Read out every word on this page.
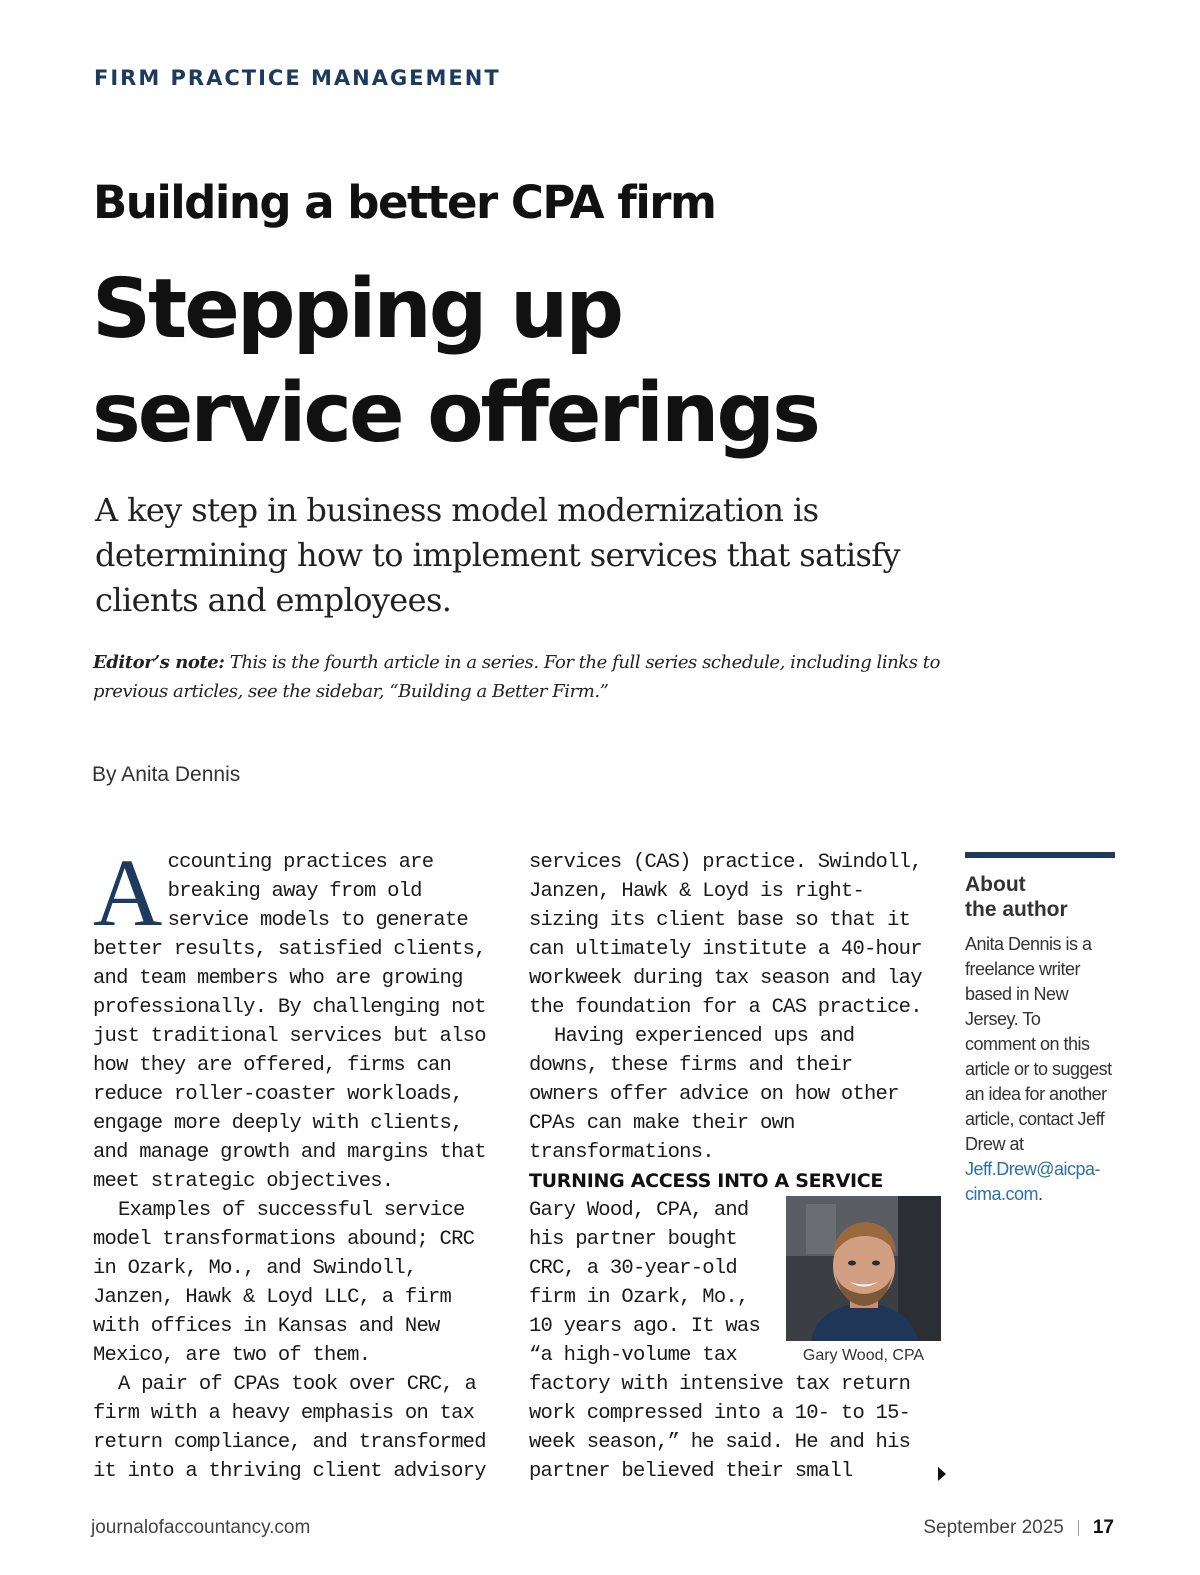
FIRM PRACTICE MANAGEMENT

Building a better CPA firm
Stepping up
service offerings

A key step in business model modernization is determining how to implement services that satisfy clients and employees.

Editor’s note: This is the fourth article in a series. For the full series schedule, including links to previous articles, see the sidebar, “Building a Better Firm.”

By Anita Dennis

Accounting practices are breaking away from old service models to generate better results, satisfied clients, and team members who are growing professionally. By challenging not just traditional services but also how they are offered, firms can reduce roller-coaster workloads, engage more deeply with clients, and manage growth and margins that meet strategic objectives.

Examples of successful service model transformations abound; CRC in Ozark, Mo., and Swindoll, Janzen, Hawk & Loyd LLC, a firm with offices in Kansas and New Mexico, are two of them.

A pair of CPAs took over CRC, a firm with a heavy emphasis on tax return compliance, and transformed it into a thriving client advisory

services (CAS) practice. Swindoll, Janzen, Hawk & Loyd is right-sizing its client base so that it can ultimately institute a 40-hour workweek during tax season and lay the foundation for a CAS practice.

Having experienced ups and downs, these firms and their owners offer advice on how other CPAs can make their own transformations.

TURNING ACCESS INTO A SERVICE

Gary Wood, CPA
Gary Wood, CPA, and his partner bought CRC, a 30-year-old firm in Ozark, Mo., 10 years ago. It was “a high-volume tax factory with intensive tax return work compressed into a 10- to 15-week season,” he said. He and his partner believed their small

About
the author

Anita Dennis is a freelance writer based in New Jersey. To comment on this article or to suggest an idea for another article, contact Jeff Drew at Jeff.Drew@aicpa-cima.com.

journalofaccountancy.com	September 2025 17
